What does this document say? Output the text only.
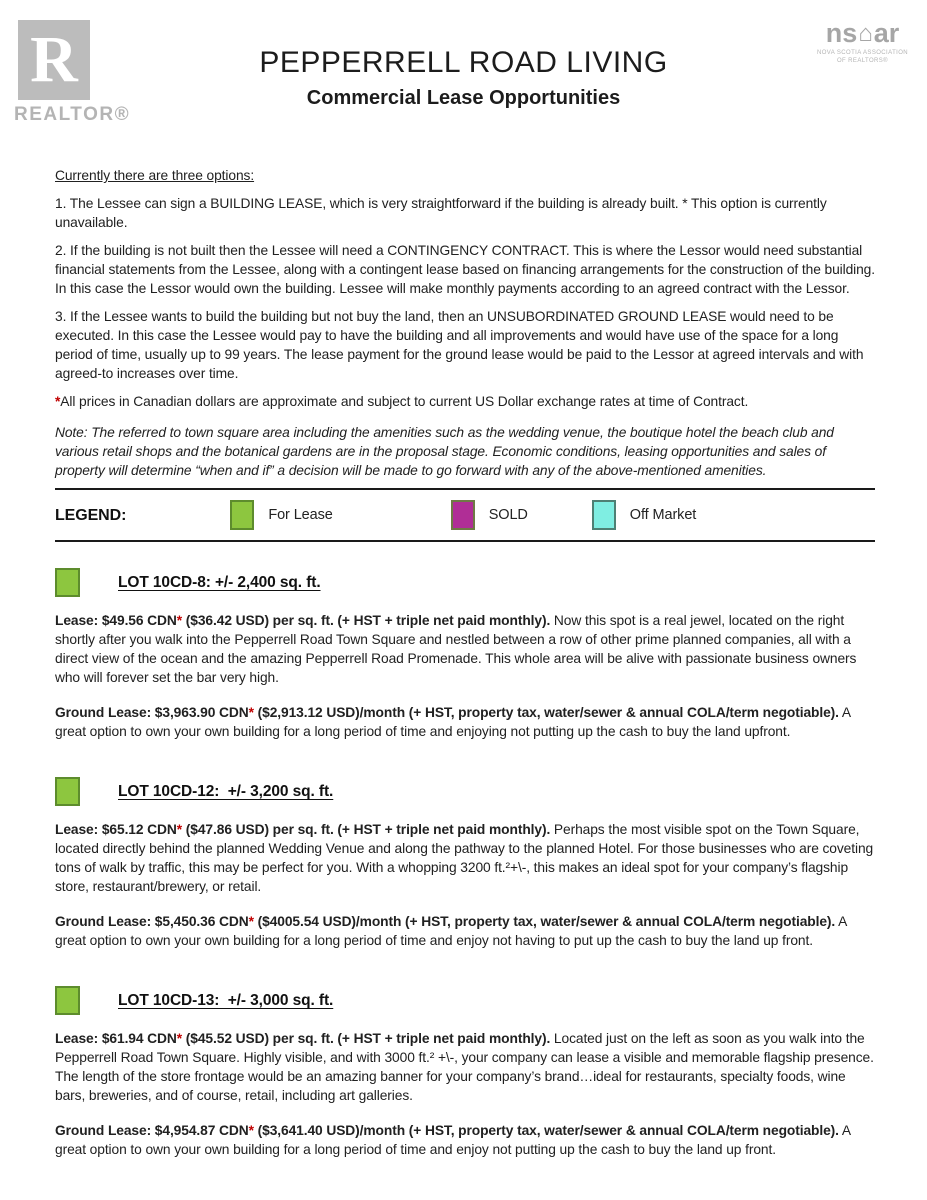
R
REALTOR®
PEPPERRELL ROAD LIVING
Commercial Lease Opportunities
ns ⌂ ar
NOVA SCOTIA ASSOCIATION
OF REALTORS®

Currently there are three options:

1. The Lessee can sign a BUILDING LEASE, which is very straightforward if the building is already built. * This option is currently unavailable.

2. If the building is not built then the Lessee will need a CONTINGENCY CONTRACT. This is where the Lessor would need substantial financial statements from the Lessee, along with a contingent lease based on financing arrangements for the construction of the building. In this case the Lessor would own the building. Lessee will make monthly payments according to an agreed contract with the Lessor.

3. If the Lessee wants to build the building but not buy the land, then an UNSUBORDINATED GROUND LEASE would need to be executed. In this case the Lessee would pay to have the building and all improvements and would have use of the space for a long period of time, usually up to 99 years. The lease payment for the ground lease would be paid to the Lessor at agreed intervals and with agreed-to increases over time.

*All prices in Canadian dollars are approximate and subject to current US Dollar exchange rates at time of Contract.

Note: The referred to town square area including the amenities such as the wedding venue, the boutique hotel the beach club and various retail shops and the botanical gardens are in the proposal stage. Economic conditions, leasing opportunities and sales of property will determine “when and if” a decision will be made to go forward with any of the above-mentioned amenities.

LEGEND:	For Lease	SOLD	Off Market
LOT 10CD-8: +/- 2,400 sq. ft.

Lease: $49.56 CDN* ($36.42 USD) per sq. ft. (+ HST + triple net paid monthly). Now this spot is a real jewel, located on the right shortly after you walk into the Pepperrell Road Town Square and nestled between a row of other prime planned companies, all with a direct view of the ocean and the amazing Pepperrell Road Promenade. This whole area will be alive with passionate business owners who will forever set the bar very high.

Ground Lease: $3,963.90 CDN* ($2,913.12 USD)/month (+ HST, property tax, water/sewer & annual COLA/term negotiable). A great option to own your own building for a long period of time and enjoying not putting up the cash to buy the land upfront.

LOT 10CD-12:  +/- 3,200 sq. ft.

Lease: $65.12 CDN* ($47.86 USD) per sq. ft. (+ HST + triple net paid monthly). Perhaps the most visible spot on the Town Square, located directly behind the planned Wedding Venue and along the pathway to the planned Hotel. For those businesses who are coveting tons of walk by traffic, this may be perfect for you. With a whopping 3200 ft.²+\-, this makes an ideal spot for your company’s flagship store, restaurant/brewery, or retail.

Ground Lease: $5,450.36 CDN* ($4005.54 USD)/month (+ HST, property tax, water/sewer & annual COLA/term negotiable). A great option to own your own building for a long period of time and enjoy not having to put up the cash to buy the land up front.

LOT 10CD-13:  +/- 3,000 sq. ft.

Lease: $61.94 CDN* ($45.52 USD) per sq. ft. (+ HST + triple net paid monthly). Located just on the left as soon as you walk into the Pepperrell Road Town Square. Highly visible, and with 3000 ft.² +\-, your company can lease a visible and memorable flagship presence. The length of the store frontage would be an amazing banner for your company’s brand…ideal for restaurants, specialty foods, wine bars, breweries, and of course, retail, including art galleries.

Ground Lease: $4,954.87 CDN* ($3,641.40 USD)/month (+ HST, property tax, water/sewer & annual COLA/term negotiable). A great option to own your own building for a long period of time and enjoy not putting up the cash to buy the land up front.
